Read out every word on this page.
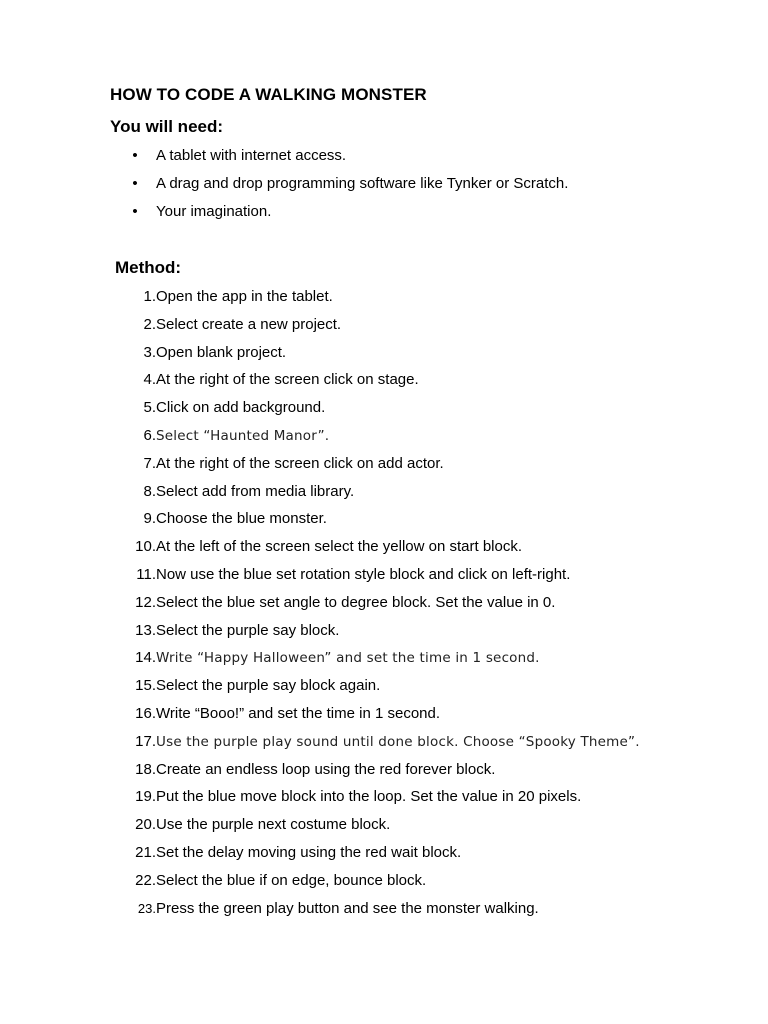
HOW TO CODE A WALKING MONSTER
You will need:
• A tablet with internet access.
• A drag and drop programming software like Tynker or Scratch.
• Your imagination.
Method:
1. Open the app in the tablet.
2. Select create a new project.
3. Open blank project.
4. At the right of the screen click on stage.
5. Click on add background.
6. Select “Haunted Manor”.
7. At the right of the screen click on add actor.
8. Select add from media library.
9. Choose the blue monster.
10. At the left of the screen select the yellow on start block.
11. Now use the blue set rotation style block and click on left-right.
12. Select the blue set angle to degree block. Set the value in 0.
13. Select the purple say block.
14. Write “Happy Halloween” and set the time in 1 second.
15. Select the purple say block again.
16. Write “Booo!” and set the time in 1 second.
17. Use the purple play sound until done block. Choose “Spooky Theme”.
18. Create an endless loop using the red forever block.
19. Put the blue move block into the loop. Set the value in 20 pixels.
20. Use the purple next costume block.
21. Set the delay moving using the red wait block.
22. Select the blue if on edge, bounce block.
23. Press the green play button and see the monster walking.
